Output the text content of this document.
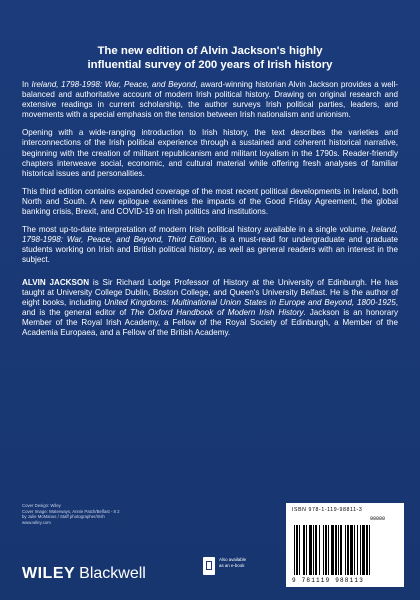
The new edition of Alvin Jackson's highly
influential survey of 200 years of Irish history

In Ireland, 1798-1998: War, Peace, and Beyond, award-winning historian Alvin Jackson provides a well-balanced and authoritative account of modern Irish political history. Drawing on original research and extensive readings in current scholarship, the author surveys Irish political parties, leaders, and movements with a special emphasis on the tension between Irish nationalism and unionism.

Opening with a wide-ranging introduction to Irish history, the text describes the varieties and interconnections of the Irish political experience through a sustained and coherent historical narrative, beginning with the creation of militant republicanism and militant loyalism in the 1790s. Reader-friendly chapters interweave social, economic, and cultural material while offering fresh analyses of familiar historical issues and personalities.

This third edition contains expanded coverage of the most recent political developments in Ireland, both North and South. A new epilogue examines the impacts of the Good Friday Agreement, the global banking crisis, Brexit, and COVID-19 on Irish politics and institutions.

The most up-to-date interpretation of modern Irish political history available in a single volume, Ireland, 1798-1998: War, Peace, and Beyond, Third Edition, is a must-read for undergraduate and graduate students working on Irish and British political history, as well as general readers with an interest in the subject.

ALVIN JACKSON is Sir Richard Lodge Professor of History at the University of Edinburgh. He has taught at University College Dublin, Boston College, and Queen's University Belfast. He is the author of eight books, including United Kingdoms: Multinational Union States in Europe and Beyond, 1800-1925, and is the general editor of The Oxford Handbook of Modern Irish History. Jackson is an honorary Member of the Royal Irish Academy, a Fellow of the Royal Society of Edinburgh, a Member of the Academia Europaea, and a Fellow of the British Academy.

Cover Design: Wiley
Cover Image: Waterways, Annie Patch/Belfast - 8 2
by Julie McManus / Staff photographer/Irish
www.wiley.com
WILEY Blackwell
Also available
as an e-book
ISBN 978-1-119-98811-3
90000
9 781119 988113
